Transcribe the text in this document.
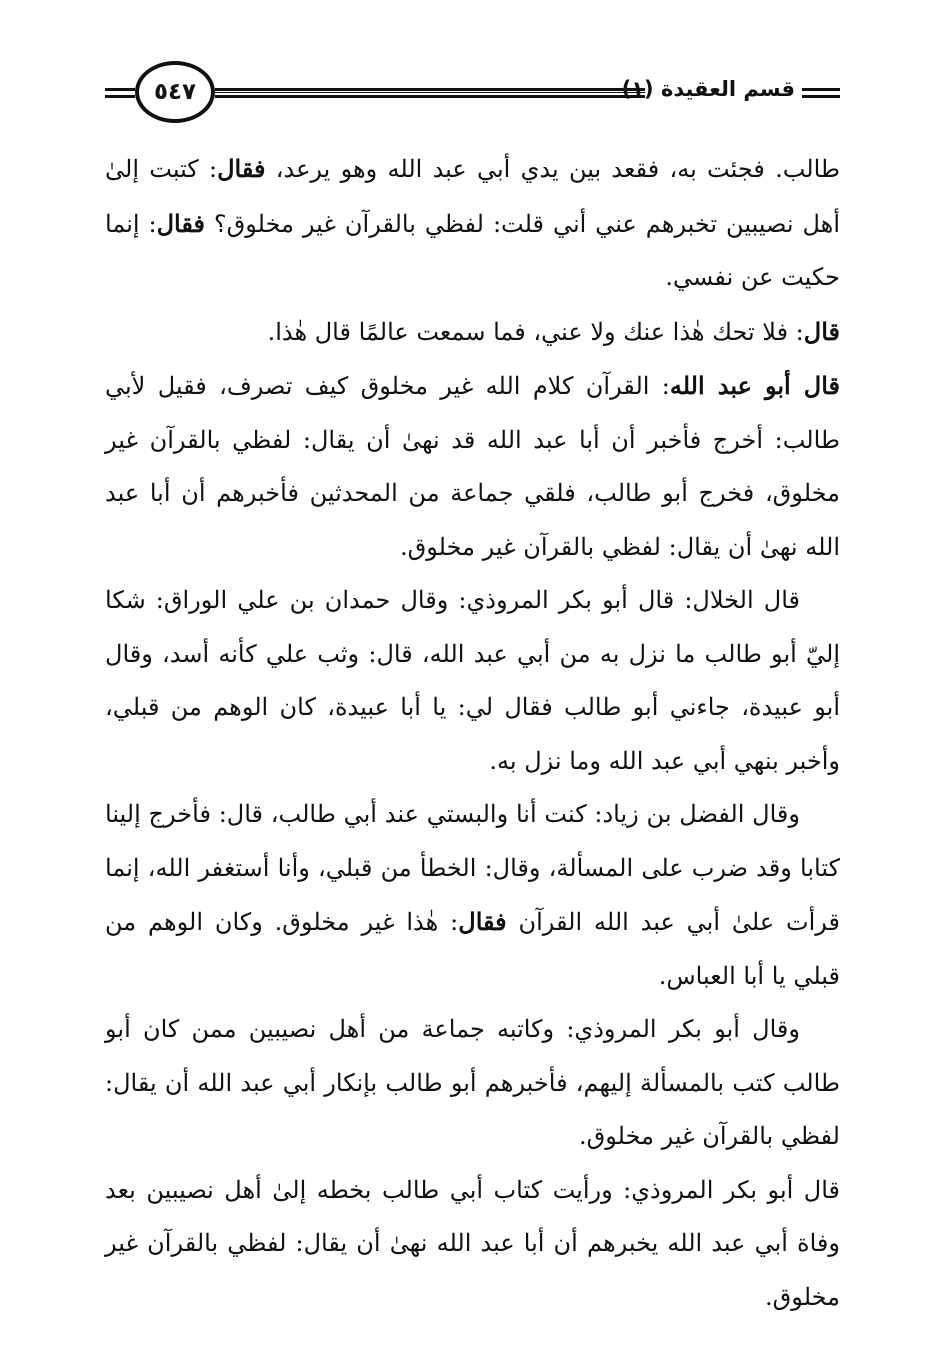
٥٤٧	قسم العقيدة (١)

طالب. فجئت به، فقعد بين يدي أبي عبد الله وهو يرعد، فقال: كتبت إلىٰ أهل نصيبين تخبرهم عني أني قلت: لفظي بالقرآن غير مخلوق؟ فقال: إنما حكيت عن نفسي.

قال: فلا تحك هٰذا عنك ولا عني، فما سمعت عالمًا قال هٰذا.

قال أبو عبد الله: القرآن كلام الله غير مخلوق كيف تصرف، فقيل لأبي طالب: أخرج فأخبر أن أبا عبد الله قد نهىٰ أن يقال: لفظي بالقرآن غير مخلوق، فخرج أبو طالب، فلقي جماعة من المحدثين فأخبرهم أن أبا عبد الله نهىٰ أن يقال: لفظي بالقرآن غير مخلوق.

قال الخلال: قال أبو بكر المروذي: وقال حمدان بن علي الوراق: شكا إليّ أبو طالب ما نزل به من أبي عبد الله، قال: وثب علي كأنه أسد، وقال أبو عبيدة، جاءني أبو طالب فقال لي: يا أبا عبيدة، كان الوهم من قبلي، وأخبر بنهي أبي عبد الله وما نزل به.

وقال الفضل بن زياد: كنت أنا والبستي عند أبي طالب، قال: فأخرج إلينا كتابا وقد ضرب على المسألة، وقال: الخطأ من قبلي، وأنا أستغفر الله، إنما قرأت علىٰ أبي عبد الله القرآن فقال: هٰذا غير مخلوق. وكان الوهم من قبلي يا أبا العباس.

وقال أبو بكر المروذي: وكاتبه جماعة من أهل نصيبين ممن كان أبو طالب كتب بالمسألة إليهم، فأخبرهم أبو طالب بإنكار أبي عبد الله أن يقال: لفظي بالقرآن غير مخلوق.

قال أبو بكر المروذي: ورأيت كتاب أبي طالب بخطه إلىٰ أهل نصيبين بعد وفاة أبي عبد الله يخبرهم أن أبا عبد الله نهىٰ أن يقال: لفظي بالقرآن غير مخلوق.
